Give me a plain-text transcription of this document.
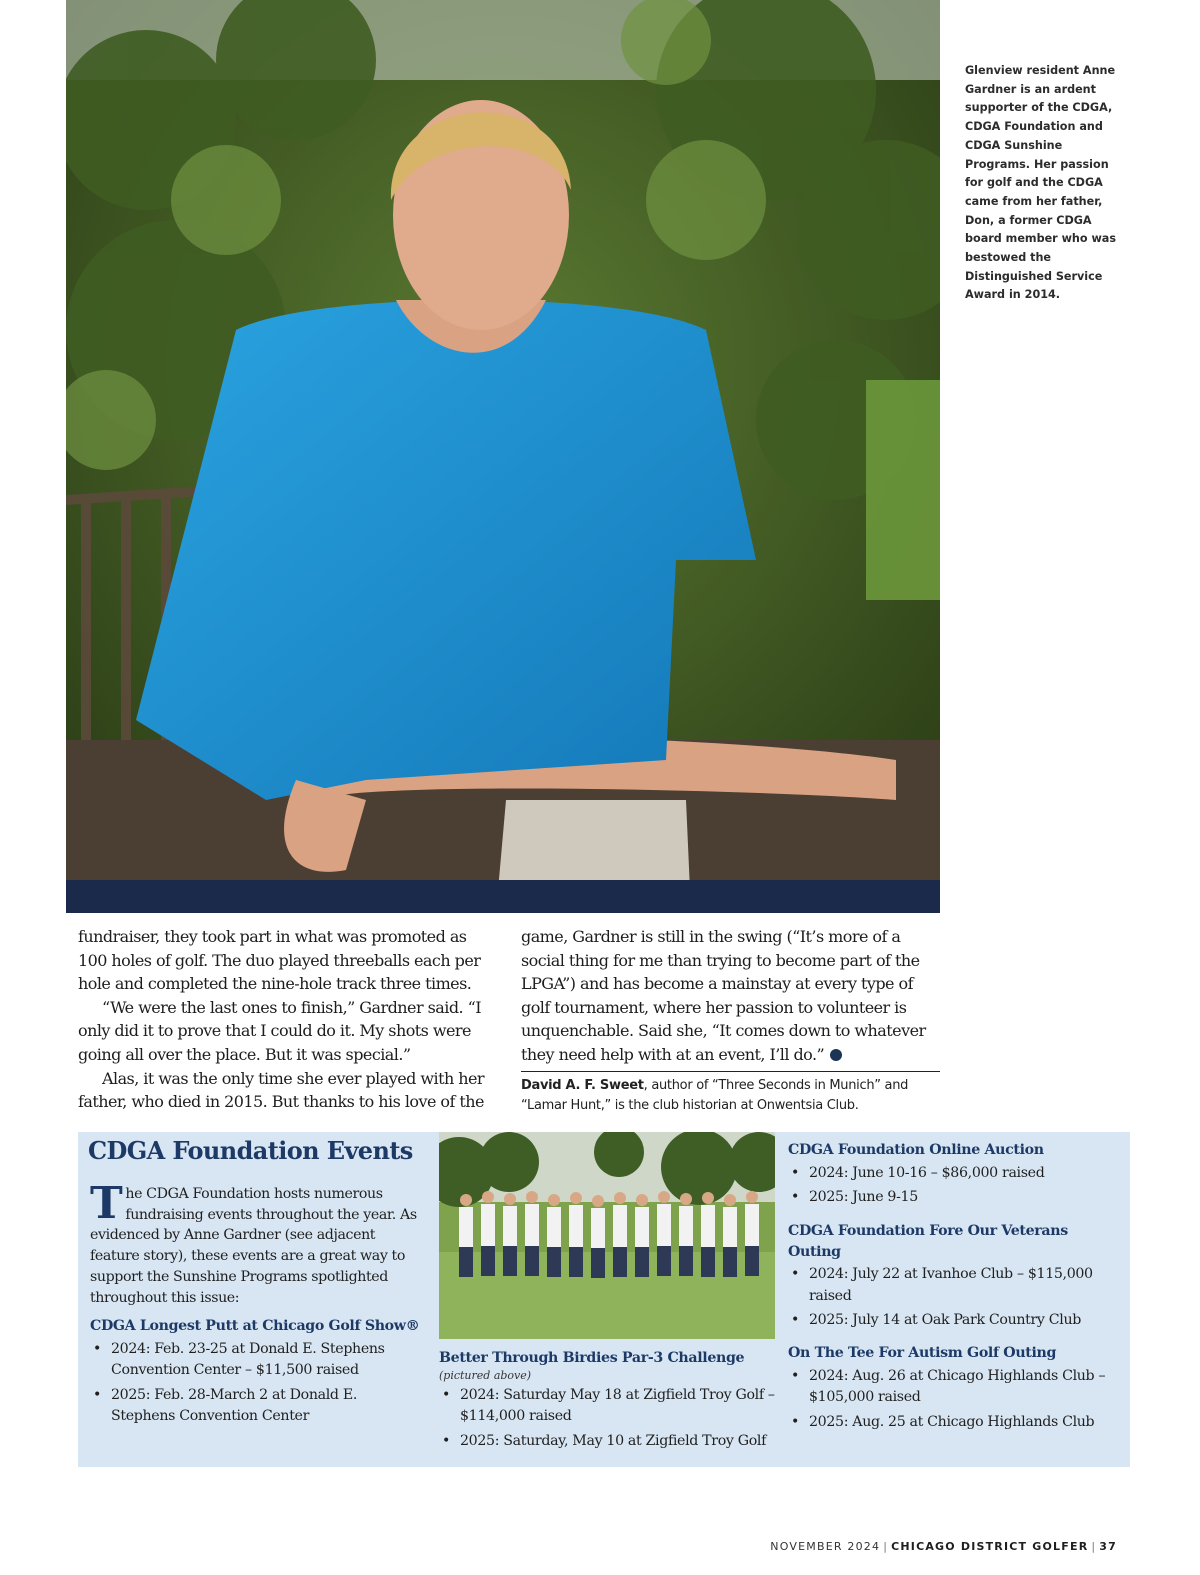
Glenview resident Anne Gardner is an ardent supporter of the CDGA, CDGA Foundation and CDGA Sunshine Programs. Her passion for golf and the CDGA came from her father, Don, a former CDGA board member who was bestowed the Distinguished Service Award in 2014.

fundraiser, they took part in what was promoted as 100 holes of golf. The duo played threeballs each per hole and completed the nine-hole track three times.

“We were the last ones to finish,” Gardner said. “I only did it to prove that I could do it. My shots were going all over the place. But it was special.”

Alas, it was the only time she ever played with her father, who died in 2015. But thanks to his love of the

game, Gardner is still in the swing (“It’s more of a social thing for me than trying to become part of the LPGA”) and has become a mainstay at every type of golf tournament, where her passion to volunteer is unquenchable. Said she, “It comes down to whatever they need help with at an event, I’ll do.”

David A. F. Sweet, author of “Three Seconds in Munich” and “Lamar Hunt,” is the club historian at Onwentsia Club.
CDGA Foundation Events
The CDGA Foundation hosts numerous fundraising events throughout the year. As evidenced by Anne Gardner (see adjacent feature story), these events are a great way to support the Sunshine Programs spotlighted throughout this issue:
CDGA Longest Putt at Chicago Golf Show®
• 2024: Feb. 23-25 at Donald E. Stephens Convention Center – $11,500 raised
• 2025: Feb. 28-March 2 at Donald E. Stephens Convention Center
Better Through Birdies Par-3 Challenge
(pictured above)
• 2024: Saturday May 18 at Zigfield Troy Golf – $114,000 raised
• 2025: Saturday, May 10 at Zigfield Troy Golf
CDGA Foundation Online Auction
• 2024: June 10-16 – $86,000 raised
• 2025: June 9-15
CDGA Foundation Fore Our Veterans Outing
• 2024: July 22 at Ivanhoe Club – $115,000 raised
• 2025: July 14 at Oak Park Country Club
On The Tee For Autism Golf Outing
• 2024: Aug. 26 at Chicago Highlands Club – $105,000 raised
• 2025: Aug. 25 at Chicago Highlands Club
NOVEMBER 2024 | CHICAGO DISTRICT GOLFER | 37
